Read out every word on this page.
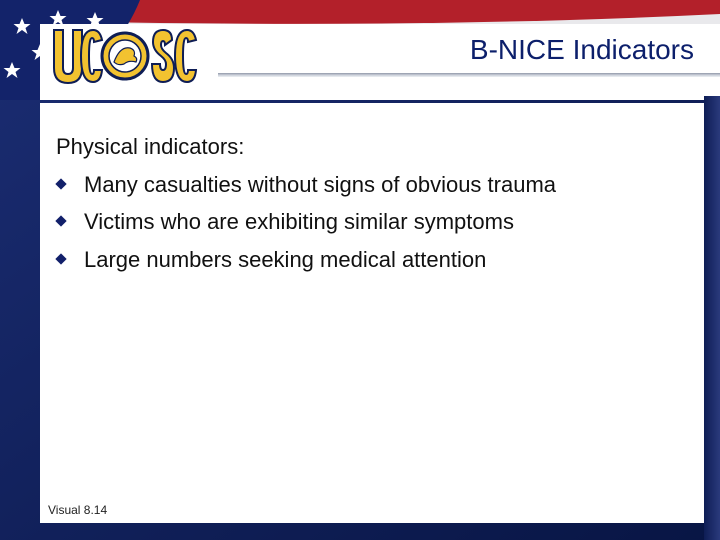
B-NICE Indicators
Physical indicators:
Many casualties without signs of obvious trauma
Victims who are exhibiting similar symptoms
Large numbers seeking medical attention
Visual 8.14
